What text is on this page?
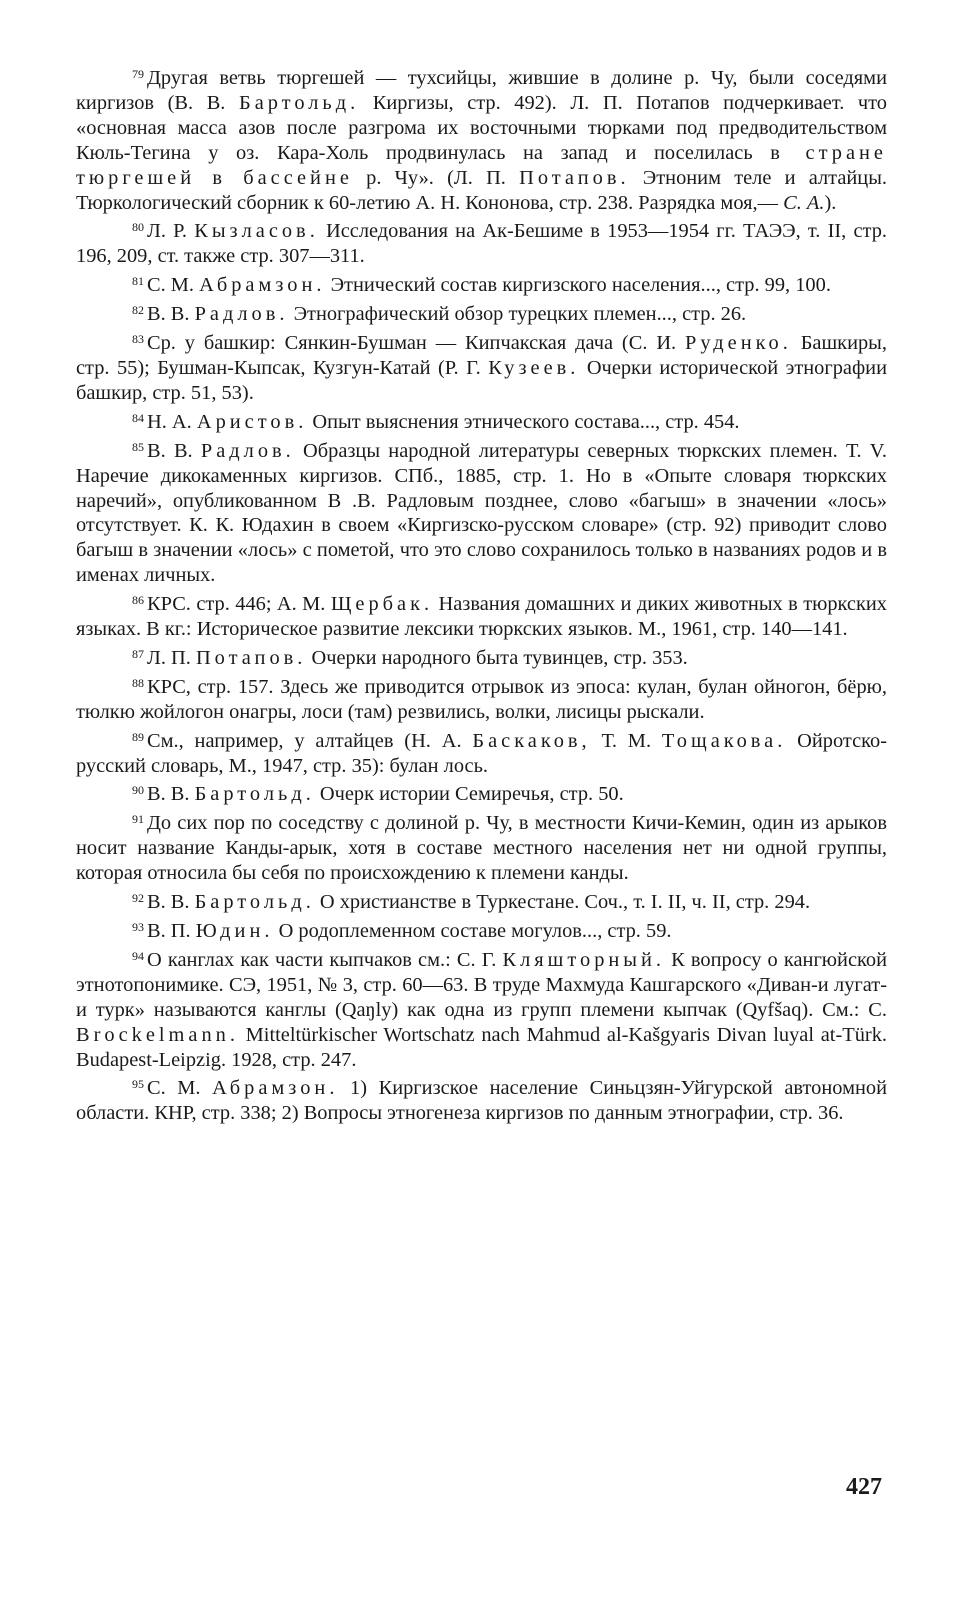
$^{79}$ Другая ветвь тюргешей — тухсийцы, жившие в долине р. Чу, были соседями киргизов (В. В. Бартольд. Киргизы, стр. 492). Л. П. Потапов подчеркивает. что «основная масса азов после разгрома их восточными тюрками под предводительством Кюль-Тегина у оз. Кара-Холь продвинулась на запад и поселилась в стране тюргешей в бассейне р. Чу». (Л. П. Потапов. Этноним теле и алтайцы. Тюркологический сборник к 60-летию А. Н. Кононова, стр. 238. Разрядка моя,— С. А.).

$^{80}$ Л. Р. Кызласов. Исследования на Ак-Бешиме в 1953—1954 гг. ТАЭЭ, т. II, стр. 196, 209, ст. также стр. 307—311.

$^{81}$ С. М. Абрамзон. Этнический состав киргизского населения..., стр. 99, 100.

$^{82}$ В. В. Радлов. Этнографический обзор турецких племен..., стр. 26.

$^{83}$ Ср. у башкир: Сянкин-Бушман — Кипчакская дача (С. И. Руденко. Башкиры, стр. 55); Бушман-Кыпсак, Кузгун-Катай (Р. Г. Кузеев. Очерки исторической этнографии башкир, стр. 51, 53).

$^{84}$ Н. А. Аристов. Опыт выяснения этнического состава..., стр. 454.

$^{85}$ В. В. Радлов. Образцы народной литературы северных тюркских племен. Т. V. Наречие дикокаменных киргизов. СПб., 1885, стр. 1. Но в «Опыте словаря тюркских наречий», опубликованном В .В. Радловым позднее, слово «багыш» в значении «лось» отсутствует. К. К. Юдахин в своем «Киргизско-русском словаре» (стр. 92) приводит слово багыш в значении «лось» с пометой, что это слово сохранилось только в названиях родов и в именах личных.

$^{86}$ КРС. стр. 446; А. М. Щербак. Названия домашних и диких животных в тюркских языках. В кг.: Историческое развитие лексики тюркских языков. М., 1961, стр. 140—141.

$^{87}$ Л. П. Потапов. Очерки народного быта тувинцев, стр. 353.

$^{88}$ КРС, стр. 157. Здесь же приводится отрывок из эпоса: кулан, булан ойногон, бёрю, тюлкю жойлогон онагры, лоси (там) резвились, волки, лисицы рыскали.

$^{89}$ См., например, у алтайцев (Н. А. Баскаков, Т. М. Тощакова. Ойротско-русский словарь, М., 1947, стр. 35): булан лось.

$^{90}$ В. В. Бартольд. Очерк истории Семиречья, стр. 50.

$^{91}$ До сих пор по соседству с долиной р. Чу, в местности Кичи-Кемин, один из арыков носит название Канды-арык, хотя в составе местного населения нет ни одной группы, которая относила бы себя по происхождению к племени канды.

$^{92}$ В. В. Бартольд. О христианстве в Туркестане. Соч., т. I. II, ч. II, стр. 294.

$^{93}$ В. П. Юдин. О родоплеменном составе могулов..., стр. 59.

$^{94}$ О канглах как части кыпчаков см.: С. Г. Кляшторный. К вопросу о кангюйской этнотопонимике. СЭ, 1951, № 3, стр. 60—63. В труде Махмуда Кашгарского «Диван-и лугат-и турк» называются канглы (Qaŋly) как одна из групп племени кыпчак (Qyfšaq). См.: C. Brockelmann. Mitteltürkischer Wortschatz nach Mahmud al-Kašgyaris Divan luyal at-Türk. Budapest-Leipzig. 1928, стр. 247.

$^{95}$ С. М. Абрамзон. 1) Киргизское население Синьцзян-Уйгурской автономной области. КНР, стр. 338; 2) Вопросы этногенеза киргизов по данным этнографии, стр. 36.

427
